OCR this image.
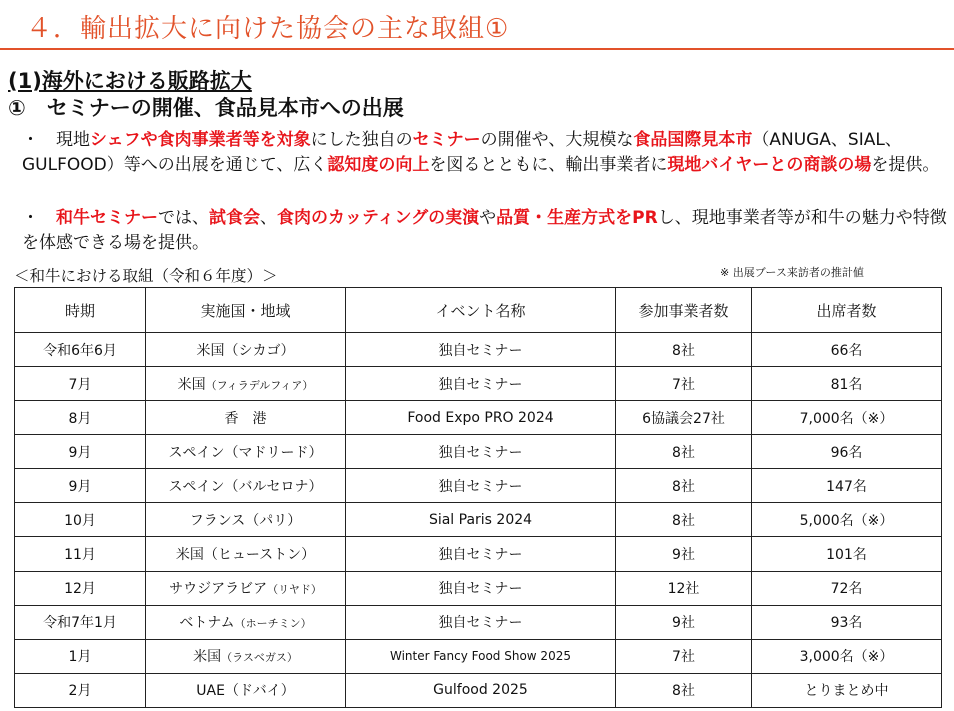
４．輸出拡大に向けた協会の主な取組①
(1)海外における販路拡大
①　セミナーの開催、食品見本市への出展
・　 現地シェフや食肉事業者等を対象にした独自のセミナーの開催や、大規模な食品国際見本市（ANUGA、SIAL、GULFOOD）等への出展を通じて、広く認知度の向上を図るとともに、輸出事業者に現地バイヤーとの商談の場を提供。
・　 和牛セミナーでは、試食会、食肉のカッティングの実演や品質・生産方式をPRし、現地事業者等が和牛の魅力や特徴を体感できる場を提供。
＜和牛における取組（令和６年度）＞	※ 出展ブース来訪者の推計値
時期	実施国・地域	イベント名称	参加事業者数	出席者数
令和6年6月	米国（シカゴ）	独自セミナー	8社	66名
7月	米国（フィラデルフィア）	独自セミナー	7社	81名
8月	香　港	Food Expo PRO 2024	6協議会27社	7,000名（※）
9月	スペイン（マドリード）	独自セミナー	8社	96名
9月	スペイン（バルセロナ）	独自セミナー	8社	147名
10月	フランス（パリ）	Sial Paris 2024	8社	5,000名（※）
11月	米国（ヒューストン）	独自セミナー	9社	101名
12月	サウジアラビア（リヤド）	独自セミナー	12社	72名
令和7年1月	ベトナム（ホーチミン）	独自セミナー	9社	93名
1月	米国（ラスベガス）	Winter Fancy Food Show 2025	7社	3,000名（※）
2月	UAE（ドバイ）	Gulfood 2025	8社	とりまとめ中
